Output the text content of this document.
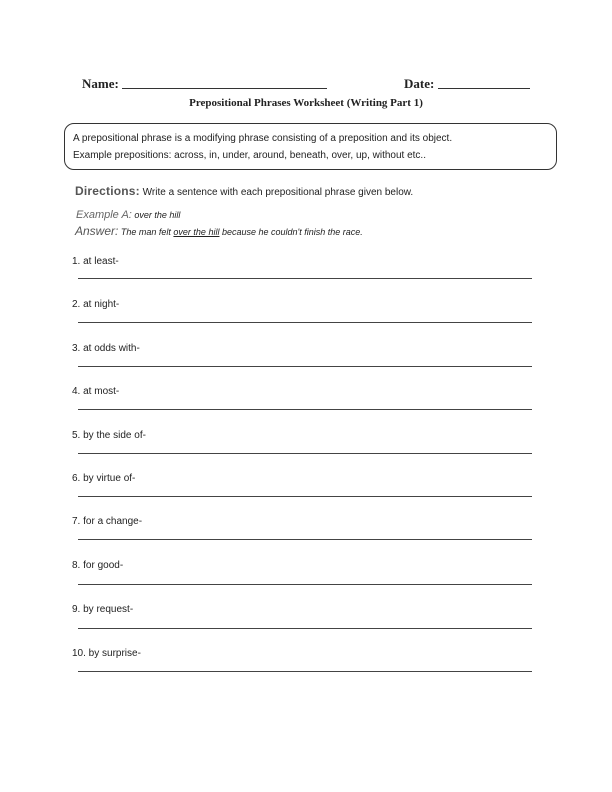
Name:	Date:
Prepositional Phrases Worksheet (Writing Part 1)
A prepositional phrase is a modifying phrase consisting of a preposition and its object.
Example prepositions: across, in, under, around, beneath, over, up, without etc..
Directions: Write a sentence with each prepositional phrase given below.
Example A: over the hill
Answer: The man felt over the hill because he couldn't finish the race.
1. at least-
2. at night-
3. at odds with-
4. at most-
5. by the side of-
6. by virtue of-
7. for a change-
8. for good-
9. by request-
10. by surprise-
